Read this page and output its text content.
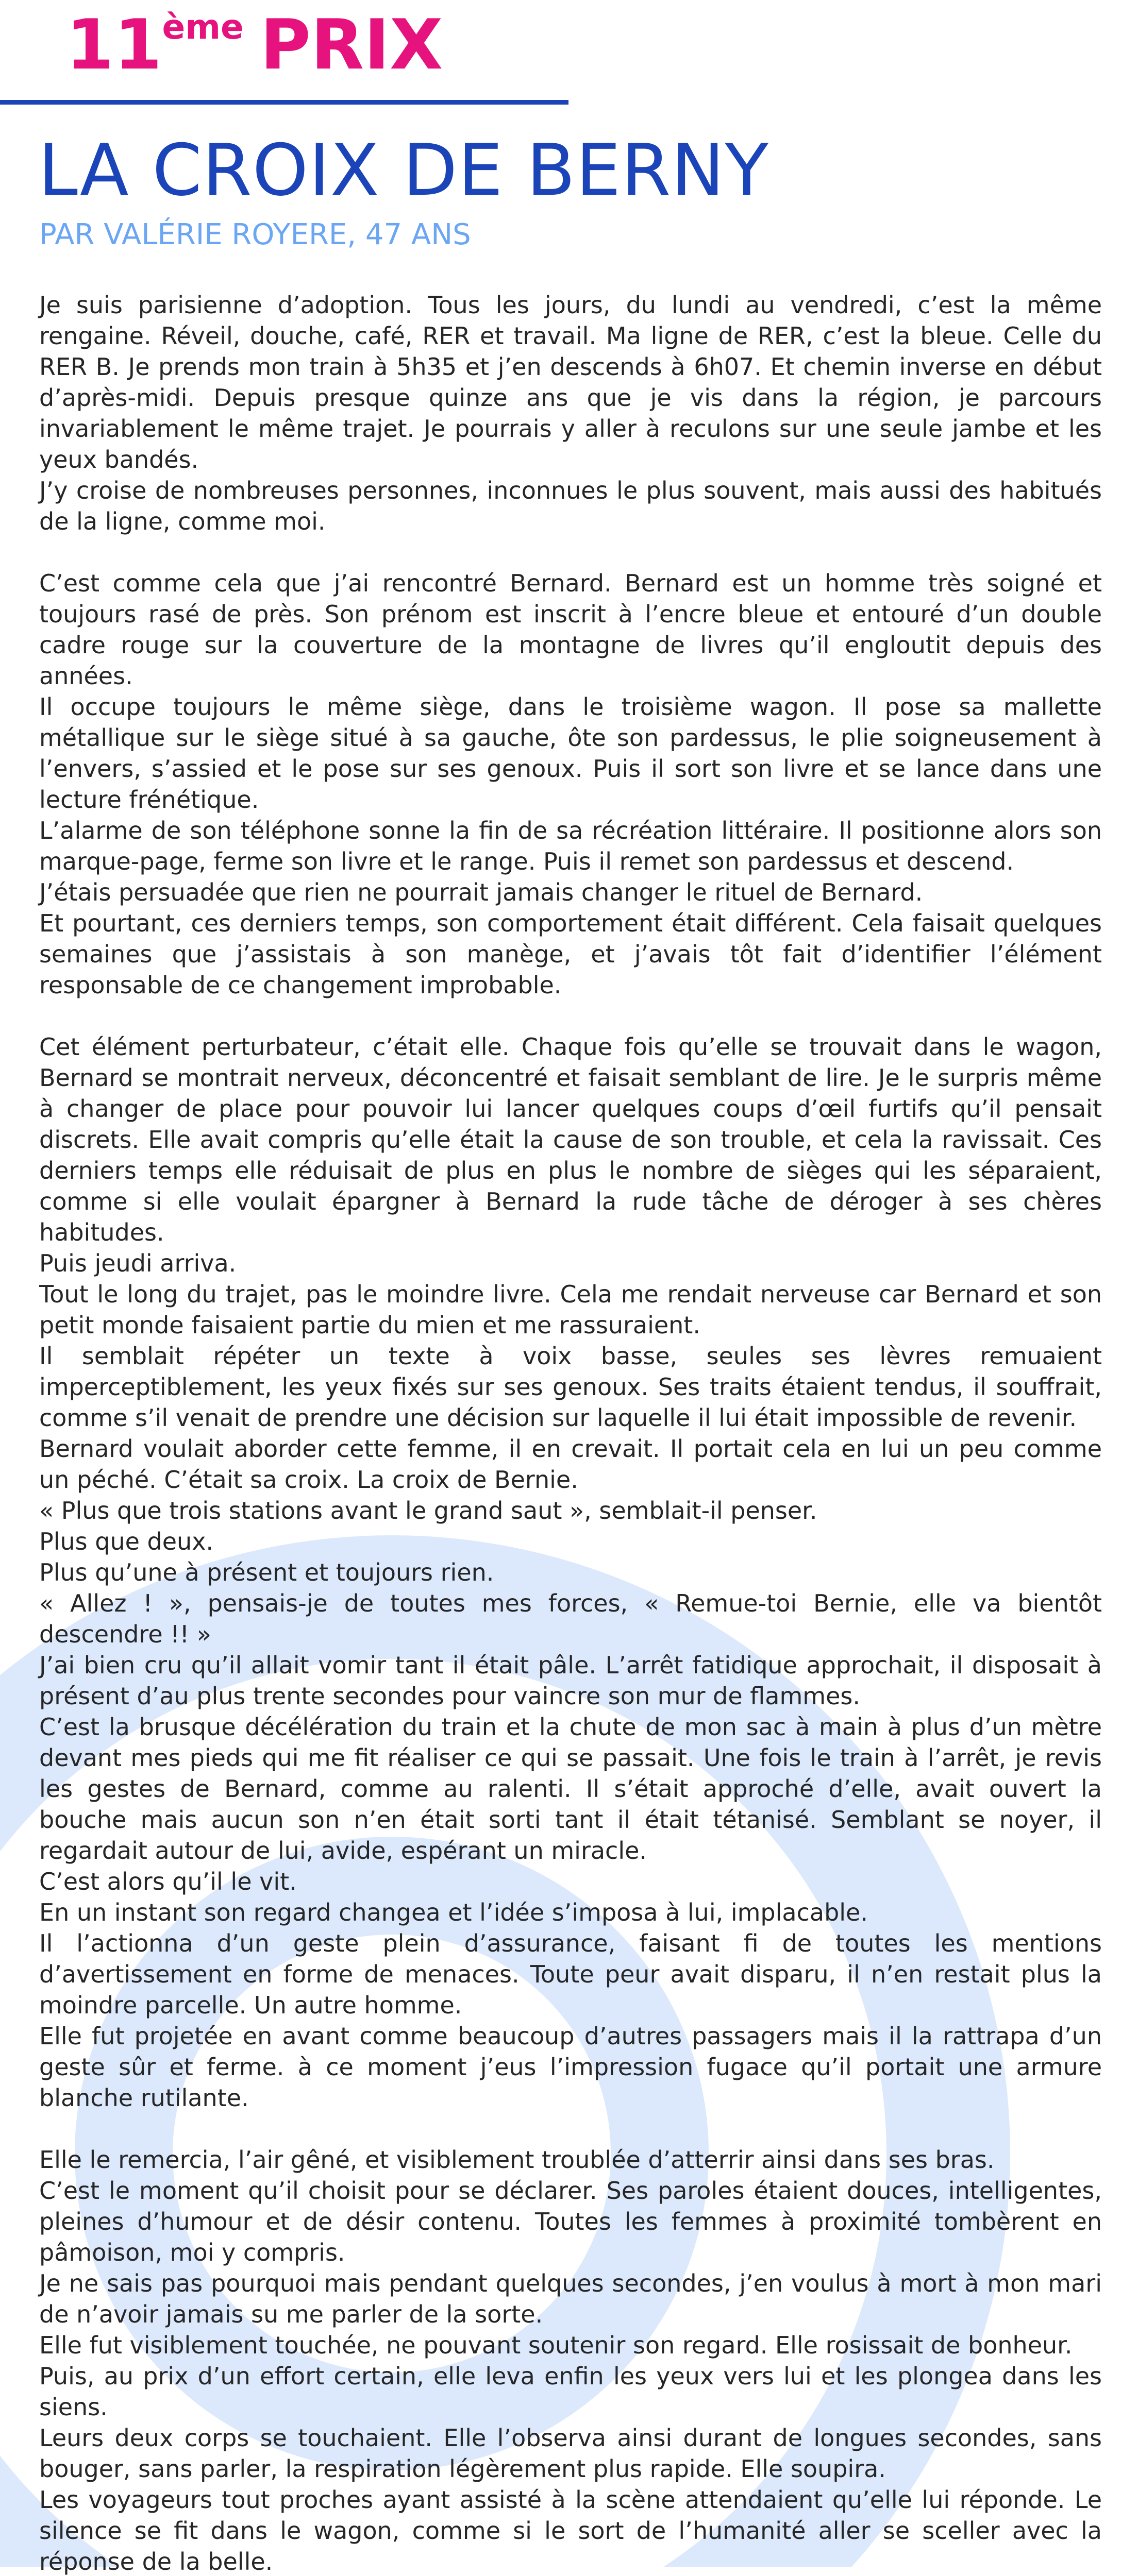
11ème PRIX
LA CROIX DE BERNY
PAR VALÉRIE ROYERE, 47 ANS

Je suis parisienne d’adoption. Tous les jours, du lundi au vendredi, c’est la même rengaine. Réveil, douche, café, RER et travail. Ma ligne de RER, c’est la bleue. Celle du RER B. Je prends mon train à 5h35 et j’en descends à 6h07. Et chemin inverse en début d’après-midi. Depuis presque quinze ans que je vis dans la région, je parcours invariablement le même trajet. Je pourrais y aller à reculons sur une seule jambe et les yeux bandés.

J’y croise de nombreuses personnes, inconnues le plus souvent, mais aussi des habitués de la ligne, comme moi.

C’est comme cela que j’ai rencontré Bernard. Bernard est un homme très soigné et toujours rasé de près. Son prénom est inscrit à l’encre bleue et entouré d’un double cadre rouge sur la couverture de la montagne de livres qu’il engloutit depuis des années.

Il occupe toujours le même siège, dans le troisième wagon. Il pose sa mallette métallique sur le siège situé à sa gauche, ôte son pardessus, le plie soigneusement à l’envers, s’assied et le pose sur ses genoux. Puis il sort son livre et se lance dans une lecture frénétique.

L’alarme de son téléphone sonne la fin de sa récréation littéraire. Il positionne alors son marque-page, ferme son livre et le range. Puis il remet son pardessus et descend.

J’étais persuadée que rien ne pourrait jamais changer le rituel de Bernard.

Et pourtant, ces derniers temps, son comportement était différent. Cela faisait quelques semaines que j’assistais à son manège, et j’avais tôt fait d’identifier l’élément responsable de ce changement improbable.

Cet élément perturbateur, c’était elle. Chaque fois qu’elle se trouvait dans le wagon, Bernard se montrait nerveux, déconcentré et faisait semblant de lire. Je le surpris même à changer de place pour pouvoir lui lancer quelques coups d’œil furtifs qu’il pensait discrets. Elle avait compris qu’elle était la cause de son trouble, et cela la ravissait. Ces derniers temps elle réduisait de plus en plus le nombre de sièges qui les séparaient, comme si elle voulait épargner à Bernard la rude tâche de déroger à ses chères habitudes.

Puis jeudi arriva.

Tout le long du trajet, pas le moindre livre. Cela me rendait nerveuse car Bernard et son petit monde faisaient partie du mien et me rassuraient.

Il semblait répéter un texte à voix basse, seules ses lèvres remuaient imperceptiblement, les yeux fixés sur ses genoux. Ses traits étaient tendus, il souffrait, comme s’il venait de prendre une décision sur laquelle il lui était impossible de revenir.

Bernard voulait aborder cette femme, il en crevait. Il portait cela en lui un peu comme un péché. C’était sa croix. La croix de Bernie.

« Plus que trois stations avant le grand saut », semblait-il penser.

Plus que deux.

Plus qu’une à présent et toujours rien.

« Allez ! », pensais-je de toutes mes forces, « Remue-toi Bernie, elle va bientôt descendre !! »

J’ai bien cru qu’il allait vomir tant il était pâle. L’arrêt fatidique approchait, il disposait à présent d’au plus trente secondes pour vaincre son mur de flammes.

C’est la brusque décélération du train et la chute de mon sac à main à plus d’un mètre devant mes pieds qui me fit réaliser ce qui se passait. Une fois le train à l’arrêt, je revis les gestes de Bernard, comme au ralenti. Il s’était approché d’elle, avait ouvert la bouche mais aucun son n’en était sorti tant il était tétanisé. Semblant se noyer, il regardait autour de lui, avide, espérant un miracle.

C’est alors qu’il le vit.

En un instant son regard changea et l’idée s’imposa à lui, implacable.

Il l’actionna d’un geste plein d’assurance, faisant fi de toutes les mentions d’avertissement en forme de menaces. Toute peur avait disparu, il n’en restait plus la moindre parcelle. Un autre homme.

Elle fut projetée en avant comme beaucoup d’autres passagers mais il la rattrapa d’un geste sûr et ferme. à ce moment j’eus l’impression fugace qu’il portait une armure blanche rutilante.

Elle le remercia, l’air gêné, et visiblement troublée d’atterrir ainsi dans ses bras.

C’est le moment qu’il choisit pour se déclarer. Ses paroles étaient douces, intelligentes, pleines d’humour et de désir contenu. Toutes les femmes à proximité tombèrent en pâmoison, moi y compris.

Je ne sais pas pourquoi mais pendant quelques secondes, j’en voulus à mort à mon mari de n’avoir jamais su me parler de la sorte.

Elle fut visiblement touchée, ne pouvant soutenir son regard. Elle rosissait de bonheur.

Puis, au prix d’un effort certain, elle leva enfin les yeux vers lui et les plongea dans les siens.

Leurs deux corps se touchaient. Elle l’observa ainsi durant de longues secondes, sans bouger, sans parler, la respiration légèrement plus rapide. Elle soupira.

Les voyageurs tout proches ayant assisté à la scène attendaient qu’elle lui réponde. Le silence se fit dans le wagon, comme si le sort de l’humanité aller se sceller avec la réponse de la belle.
